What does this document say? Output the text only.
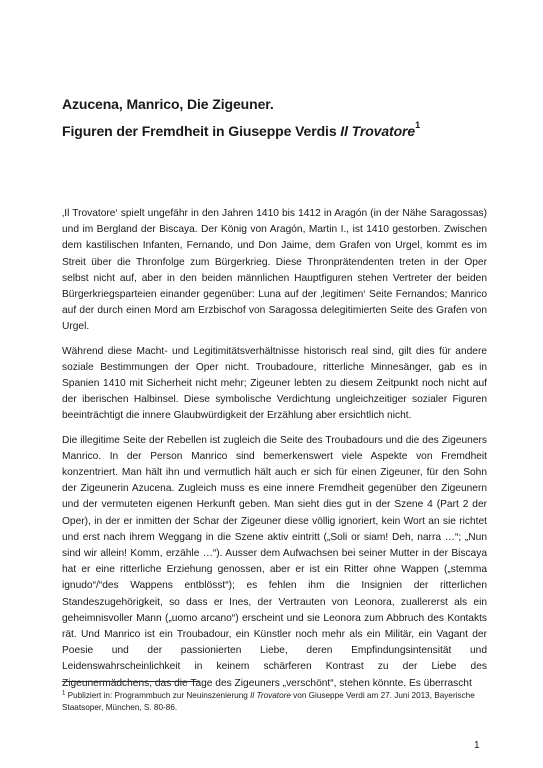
Azucena, Manrico, Die Zigeuner.
Figuren der Fremdheit in Giuseppe Verdis Il Trovatore$^1$

‚Il Trovatore‘ spielt ungefähr in den Jahren 1410 bis 1412 in Aragón (in der Nähe Saragossas) und im Bergland der Biscaya. Der König von Aragón, Martin I., ist 1410 gestorben. Zwischen dem kastilischen Infanten, Fernando, und Don Jaime, dem Grafen von Urgel, kommt es im Streit über die Thronfolge zum Bürgerkrieg. Diese Thronprätendenten treten in der Oper selbst nicht auf, aber in den beiden männlichen Hauptfiguren stehen Vertreter der beiden Bürgerkriegsparteien einander gegenüber: Luna auf der ‚legitimen‘ Seite Fernandos; Manrico auf der durch einen Mord am Erzbischof von Saragossa delegitimierten Seite des Grafen von Urgel.

Während diese Macht- und Legitimitätsverhältnisse historisch real sind, gilt dies für andere soziale Bestimmungen der Oper nicht. Troubadoure, ritterliche Minnesänger, gab es in Spanien 1410 mit Sicherheit nicht mehr; Zigeuner lebten zu diesem Zeitpunkt noch nicht auf der iberischen Halbinsel. Diese symbolische Verdichtung ungleichzeitiger sozialer Figuren beeinträchtigt die innere Glaubwürdigkeit der Erzählung aber ersichtlich nicht.

Die illegitime Seite der Rebellen ist zugleich die Seite des Troubadours und die des Zigeuners Manrico. In der Person Manrico sind bemerkenswert viele Aspekte von Fremdheit konzentriert. Man hält ihn und vermutlich hält auch er sich für einen Zigeuner, für den Sohn der Zigeunerin Azucena. Zugleich muss es eine innere Fremdheit gegenüber den Zigeunern und der vermuteten eigenen Herkunft geben. Man sieht dies gut in der Szene 4 (Part 2 der Oper), in der er inmitten der Schar der Zigeuner diese völlig ignoriert, kein Wort an sie richtet und erst nach ihrem Weggang in die Szene aktiv eintritt („Soli or siam! Deh, narra …“; „Nun sind wir allein! Komm, erzähle …“). Ausser dem Aufwachsen bei seiner Mutter in der Biscaya hat er eine ritterliche Erziehung genossen, aber er ist ein Ritter ohne Wappen („stemma ignudo“/“des Wappens entblösst“); es fehlen ihm die Insignien der ritterlichen Standeszugehörigkeit, so dass er Ines, der Vertrauten von Leonora, zuallererst als ein geheimnisvoller Mann („uomo arcano“) erscheint und sie Leonora zum Abbruch des Kontakts rät. Und Manrico ist ein Troubadour, ein Künstler noch mehr als ein Militär, ein Vagant der Poesie und der passionierten Liebe, deren Empfindungsintensität und Leidenswahrscheinlichkeit in keinem schärferen Kontrast zu der Liebe des Zigeunermädchens, das die Tage des Zigeuners „verschönt“, stehen könnte. Es überrascht

$^1$ Publiziert in: Programmbuch zur Neuinszenierung Il Trovatore von Giuseppe Verdi am 27. Juni 2013, Bayerische Staatsoper, München, S. 80-86.
1
